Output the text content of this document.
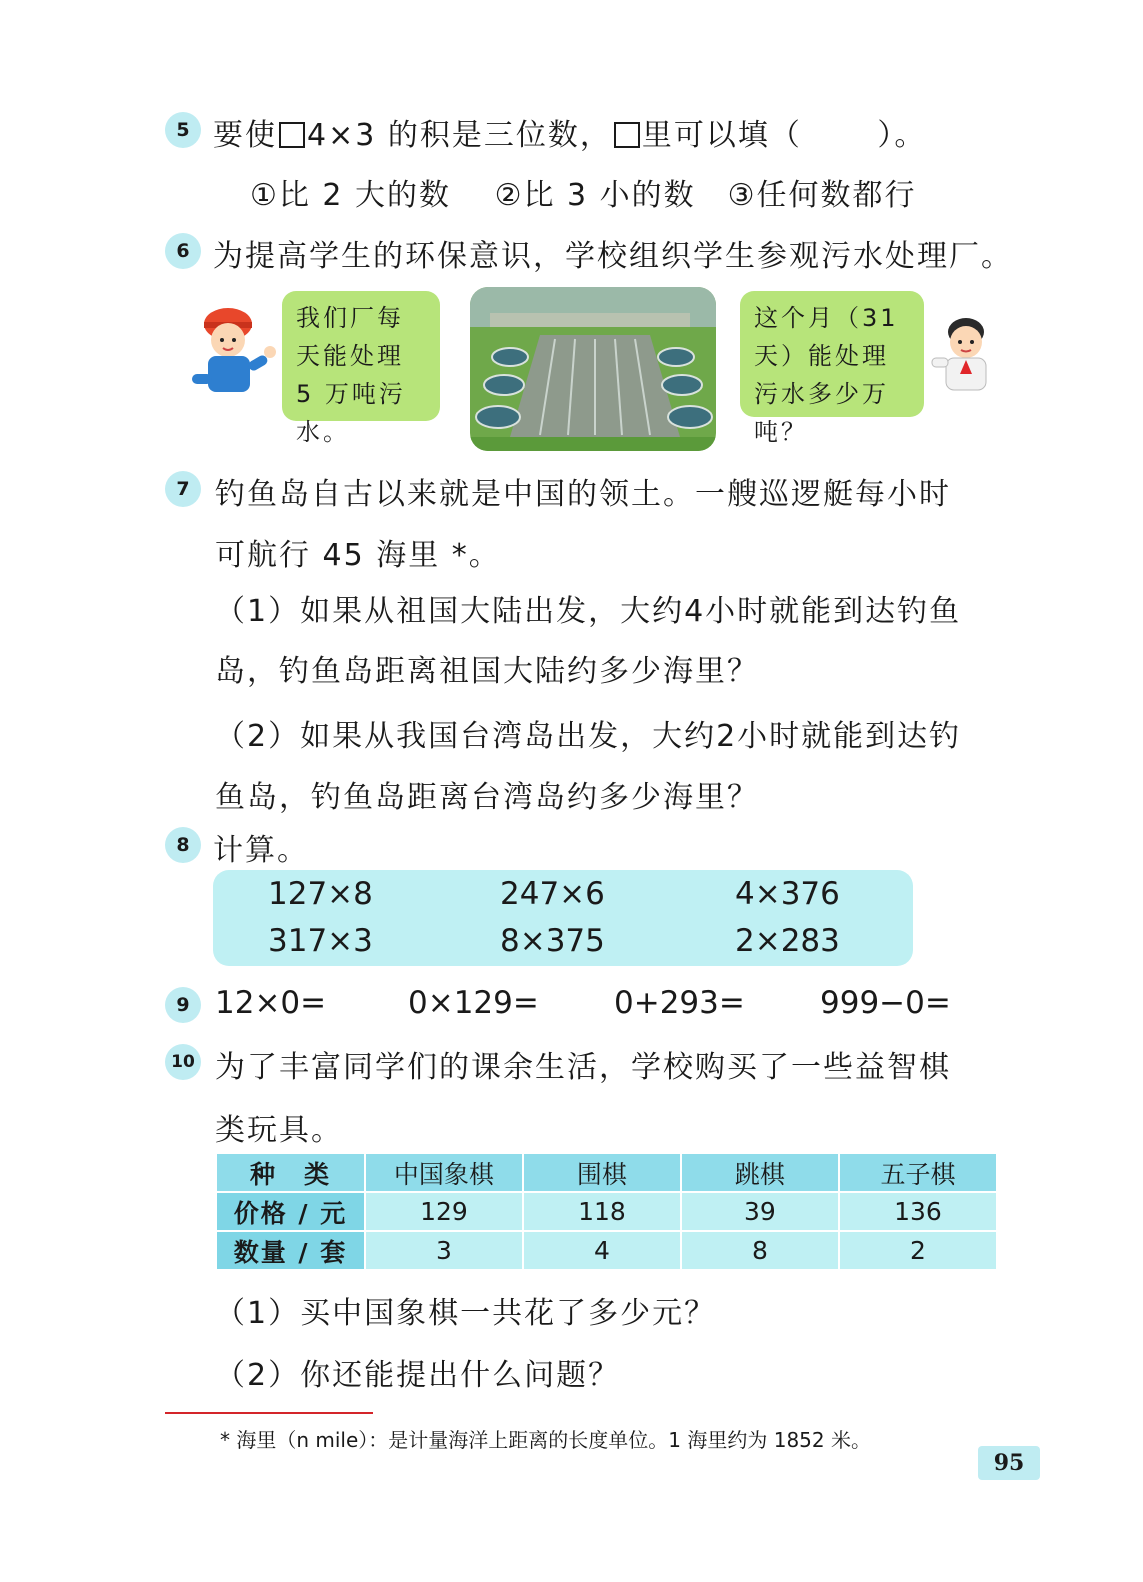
5 要使 4×3 的积是三位数， 里可以填（　　 ）。
①比 2 大的数　 ②比 3 小的数　③任何数都行
6 为提高学生的环保意识，学校组织学生参观污水处理厂。
我们厂每天能处理 5 万吨污水。
这个月（31天）能处理污水多少万吨？
7 钓鱼岛自古以来就是中国的领土。一艘巡逻艇每小时
可航行 45 海里 *。
（1）如果从祖国大陆出发，大约4小时就能到达钓鱼
岛，钓鱼岛距离祖国大陆约多少海里？
（2）如果从我国台湾岛出发，大约2小时就能到达钓
鱼岛，钓鱼岛距离台湾岛约多少海里？
8 计算。
127×8	247×6	4×376
317×3	8×375	2×283
9 12×0=	0×129= 0+293= 999−0=
10 为了丰富同学们的课余生活，学校购买了一些益智棋
类玩具。
种　类	中国象棋	围棋	跳棋	五子棋
价格 / 元	129	118	39	136
数量 / 套	3	4	8	2
（1）买中国象棋一共花了多少元？
（2）你还能提出什么问题？
* 海里（n mile）：是计量海洋上距离的长度单位。1 海里约为 1852 米。
95
